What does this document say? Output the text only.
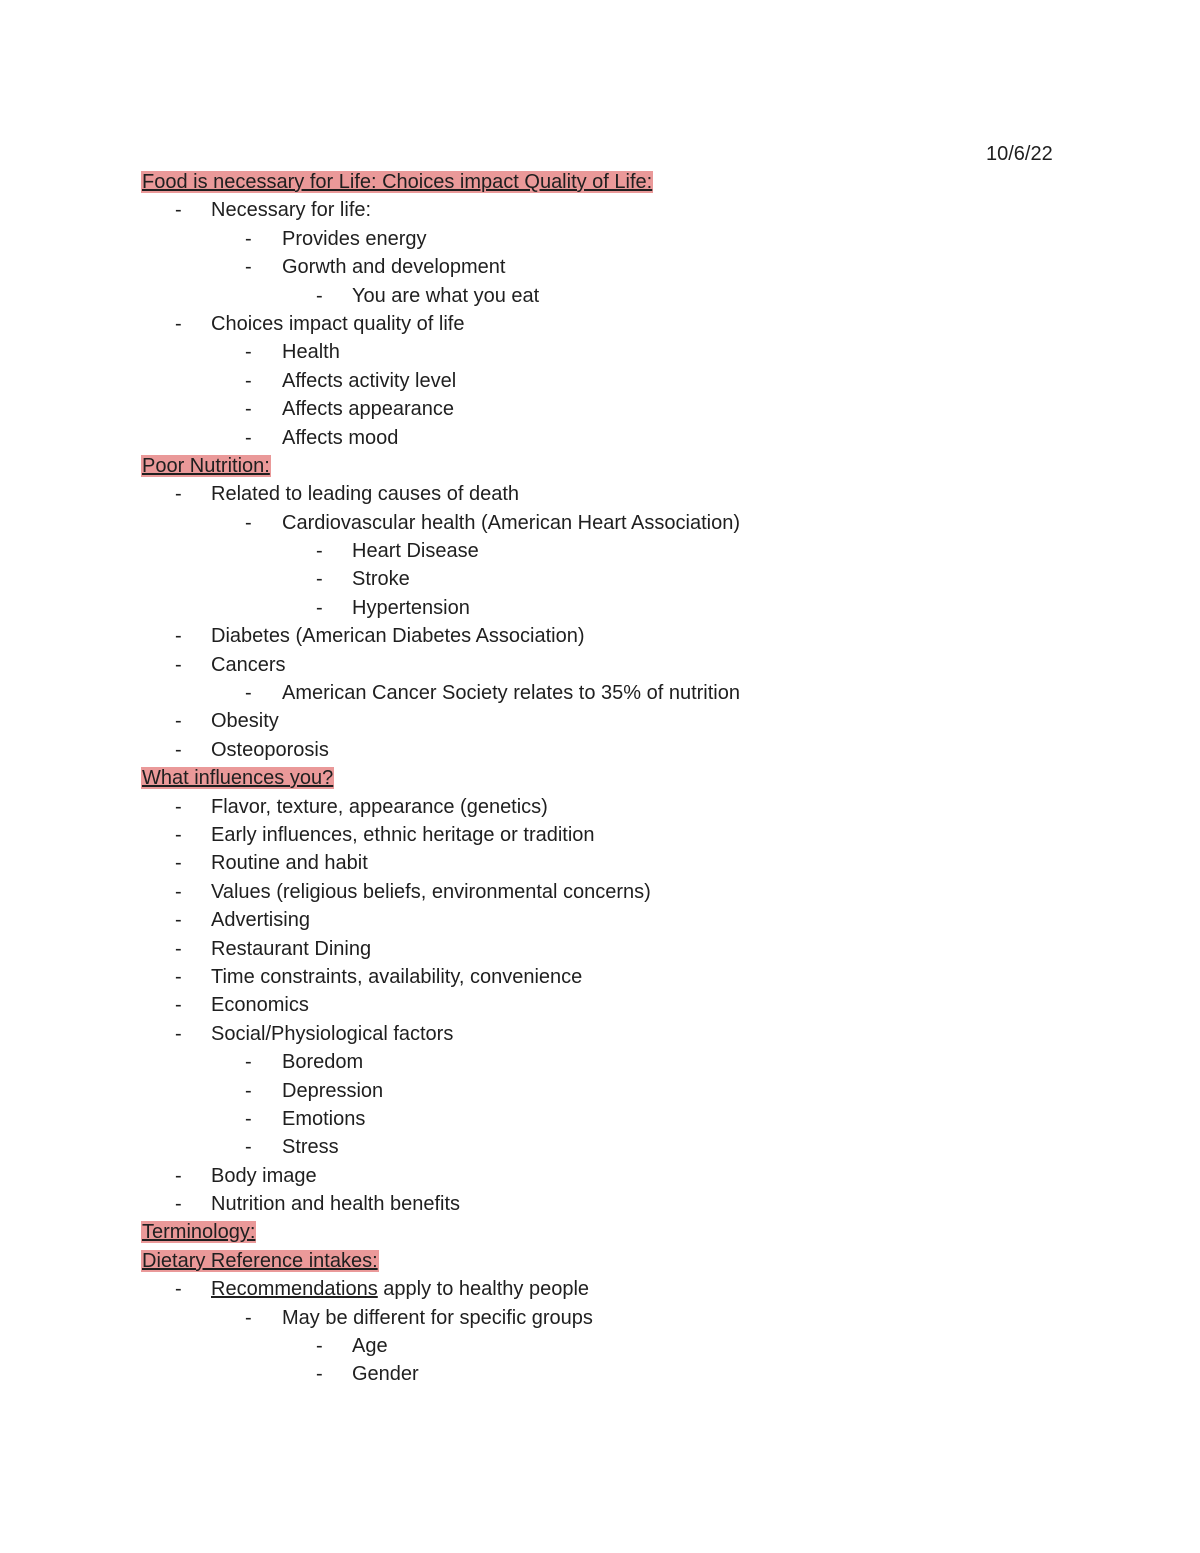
10/6/22
Food is necessary for Life: Choices impact Quality of Life:
- Necessary for life:
- Provides energy
- Gorwth and development
- You are what you eat
- Choices impact quality of life
- Health
- Affects activity level
- Affects appearance
- Affects mood
Poor Nutrition:
- Related to leading causes of death
- Cardiovascular health (American Heart Association)
- Heart Disease
- Stroke
- Hypertension
- Diabetes (American Diabetes Association)
- Cancers
- American Cancer Society relates to 35% of nutrition
- Obesity
- Osteoporosis
What influences you?
- Flavor, texture, appearance (genetics)
- Early influences, ethnic heritage or tradition
- Routine and habit
- Values (religious beliefs, environmental concerns)
- Advertising
- Restaurant Dining
- Time constraints, availability, convenience
- Economics
- Social/Physiological factors
- Boredom
- Depression
- Emotions
- Stress
- Body image
- Nutrition and health benefits
Terminology:
Dietary Reference intakes:
- Recommendations apply to healthy people
- May be different for specific groups
- Age
- Gender
